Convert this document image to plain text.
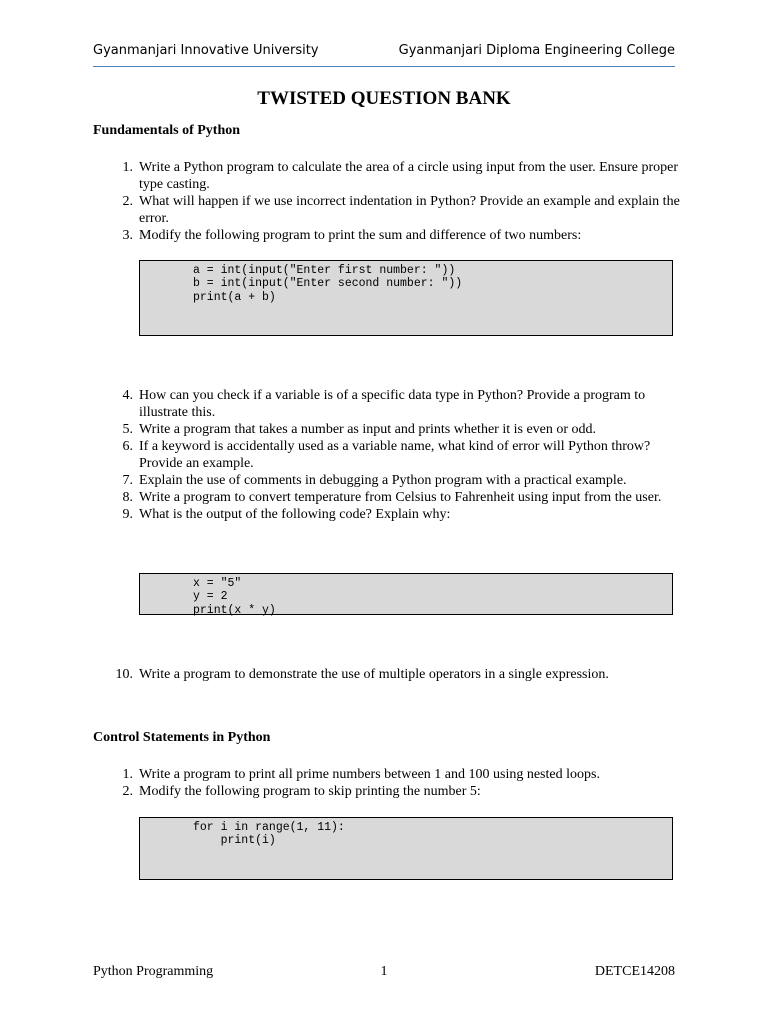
Gyanmanjari Innovative University	Gyanmanjari Diploma Engineering College
TWISTED QUESTION BANK
Fundamentals of Python
1. Write a Python program to calculate the area of a circle using input from the user. Ensure proper type casting.
2. What will happen if we use incorrect indentation in Python? Provide an example and explain the error.
3. Modify the following program to print the sum and difference of two numbers:
a = int(input("Enter first number: "))
b = int(input("Enter second number: "))
print(a + b)
4. How can you check if a variable is of a specific data type in Python? Provide a program to illustrate this.
5. Write a program that takes a number as input and prints whether it is even or odd.
6. If a keyword is accidentally used as a variable name, what kind of error will Python throw? Provide an example.
7. Explain the use of comments in debugging a Python program with a practical example.
8. Write a program to convert temperature from Celsius to Fahrenheit using input from the user.
9. What is the output of the following code? Explain why:
x = "5"
y = 2
print(x * y)
10. Write a program to demonstrate the use of multiple operators in a single expression.
Control Statements in Python
1. Write a program to print all prime numbers between 1 and 100 using nested loops.
2. Modify the following program to skip printing the number 5:
for i in range(1, 11):
print(i)
Python Programming	1	DETCE14208
